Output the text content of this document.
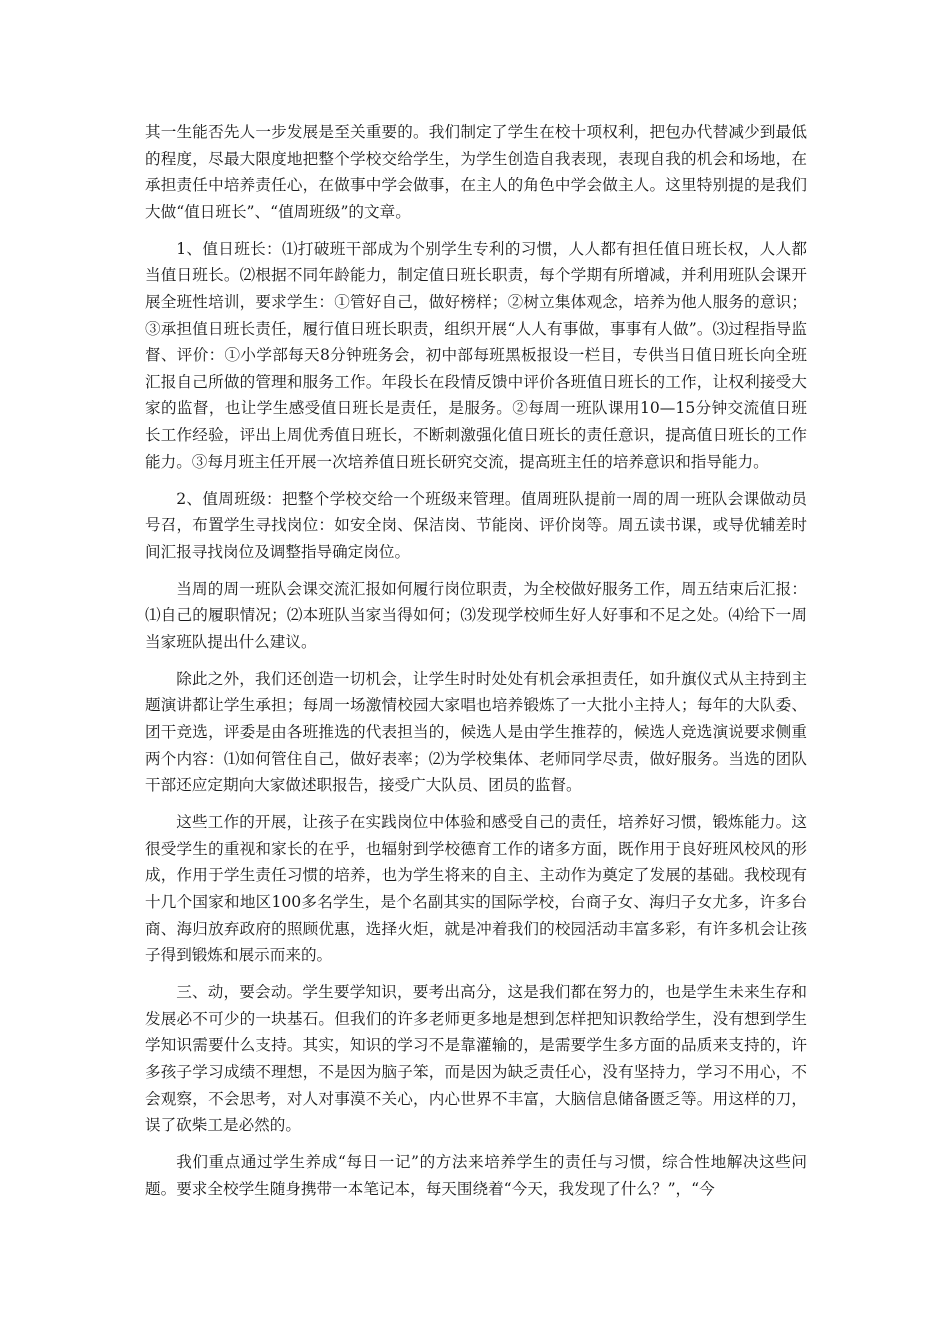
其一生能否先人一步发展是至关重要的。我们制定了学生在校十项权利，把包办代替减少到最低的程度，尽最大限度地把整个学校交给学生，为学生创造自我表现，表现自我的机会和场地，在承担责任中培养责任心，在做事中学会做事，在主人的角色中学会做主人。这里特别提的是我们大做“值日班长”、“值周班级”的文章。

1、值日班长：⑴打破班干部成为个别学生专利的习惯，人人都有担任值日班长权，人人都当值日班长。⑵根据不同年龄能力，制定值日班长职责，每个学期有所增减，并利用班队会课开展全班性培训，要求学生：①管好自己，做好榜样；②树立集体观念，培养为他人服务的意识；③承担值日班长责任，履行值日班长职责，组织开展“人人有事做，事事有人做”。⑶过程指导监督、评价：①小学部每天8分钟班务会，初中部每班黑板报设一栏目，专供当日值日班长向全班汇报自己所做的管理和服务工作。年段长在段情反馈中评价各班值日班长的工作，让权利接受大家的监督，也让学生感受值日班长是责任，是服务。②每周一班队课用10—15分钟交流值日班长工作经验，评出上周优秀值日班长，不断刺激强化值日班长的责任意识，提高值日班长的工作能力。③每月班主任开展一次培养值日班长研究交流，提高班主任的培养意识和指导能力。

2、值周班级：把整个学校交给一个班级来管理。值周班队提前一周的周一班队会课做动员号召，布置学生寻找岗位：如安全岗、保洁岗、节能岗、评价岗等。周五读书课，或导优辅差时间汇报寻找岗位及调整指导确定岗位。

当周的周一班队会课交流汇报如何履行岗位职责，为全校做好服务工作，周五结束后汇报：⑴自己的履职情况；⑵本班队当家当得如何；⑶发现学校师生好人好事和不足之处。⑷给下一周当家班队提出什么建议。

除此之外，我们还创造一切机会，让学生时时处处有机会承担责任，如升旗仪式从主持到主题演讲都让学生承担；每周一场激情校园大家唱也培养锻炼了一大批小主持人；每年的大队委、团干竞选，评委是由各班推选的代表担当的，候选人是由学生推荐的，候选人竞选演说要求侧重两个内容：⑴如何管住自己，做好表率；⑵为学校集体、老师同学尽责，做好服务。当选的团队干部还应定期向大家做述职报告，接受广大队员、团员的监督。

这些工作的开展，让孩子在实践岗位中体验和感受自己的责任，培养好习惯，锻炼能力。这很受学生的重视和家长的在乎，也辐射到学校德育工作的诸多方面，既作用于良好班风校风的形成，作用于学生责任习惯的培养，也为学生将来的自主、主动作为奠定了发展的基础。我校现有十几个国家和地区100多名学生，是个名副其实的国际学校，台商子女、海归子女尤多，许多台商、海归放弃政府的照顾优惠，选择火炬，就是冲着我们的校园活动丰富多彩，有许多机会让孩子得到锻炼和展示而来的。

三、动，要会动。学生要学知识，要考出高分，这是我们都在努力的，也是学生未来生存和发展必不可少的一块基石。但我们的许多老师更多地是想到怎样把知识教给学生，没有想到学生学知识需要什么支持。其实，知识的学习不是靠灌输的，是需要学生多方面的品质来支持的，许多孩子学习成绩不理想，不是因为脑子笨，而是因为缺乏责任心，没有坚持力，学习不用心，不会观察，不会思考，对人对事漠不关心，内心世界不丰富，大脑信息储备匮乏等。用这样的刀，误了砍柴工是必然的。

我们重点通过学生养成“每日一记”的方法来培养学生的责任与习惯，综合性地解决这些问题。要求全校学生随身携带一本笔记本，每天围绕着“今天，我发现了什么？”，“今
